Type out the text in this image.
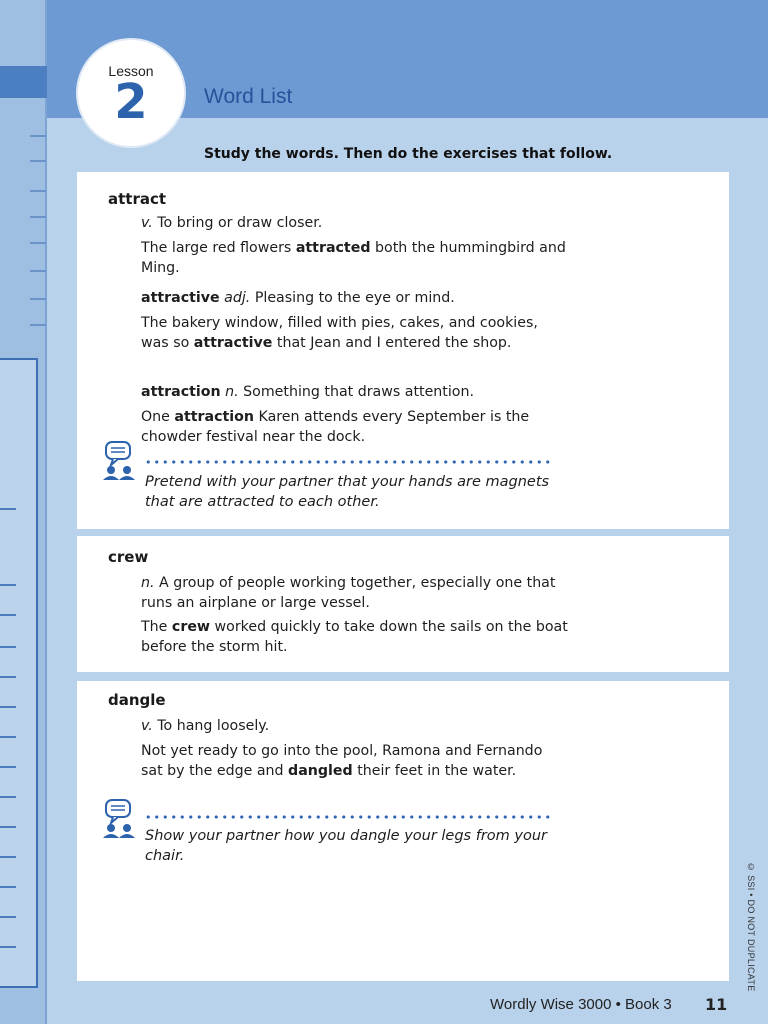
Lesson
2	Word List
Study the words. Then do the exercises that follow.
attract
v. To bring or draw closer.
The large red flowers attracted both the hummingbird and Ming.
attractive adj. Pleasing to the eye or mind.
The bakery window, filled with pies, cakes, and cookies, was so attractive that Jean and I entered the shop.
attraction n. Something that draws attention.
One attraction Karen attends every September is the chowder festival near the dock.
Pretend with your partner that your hands are magnets that are attracted to each other.
crew
n. A group of people working together, especially one that runs an airplane or large vessel.
The crew worked quickly to take down the sails on the boat before the storm hit.
dangle
v. To hang loosely.
Not yet ready to go into the pool, Ramona and Fernando sat by the edge and dangled their feet in the water.
Show your partner how you dangle your legs from your chair.
Wordly Wise 3000 • Book 3 11
© SSI • DO NOT DUPLICATE
